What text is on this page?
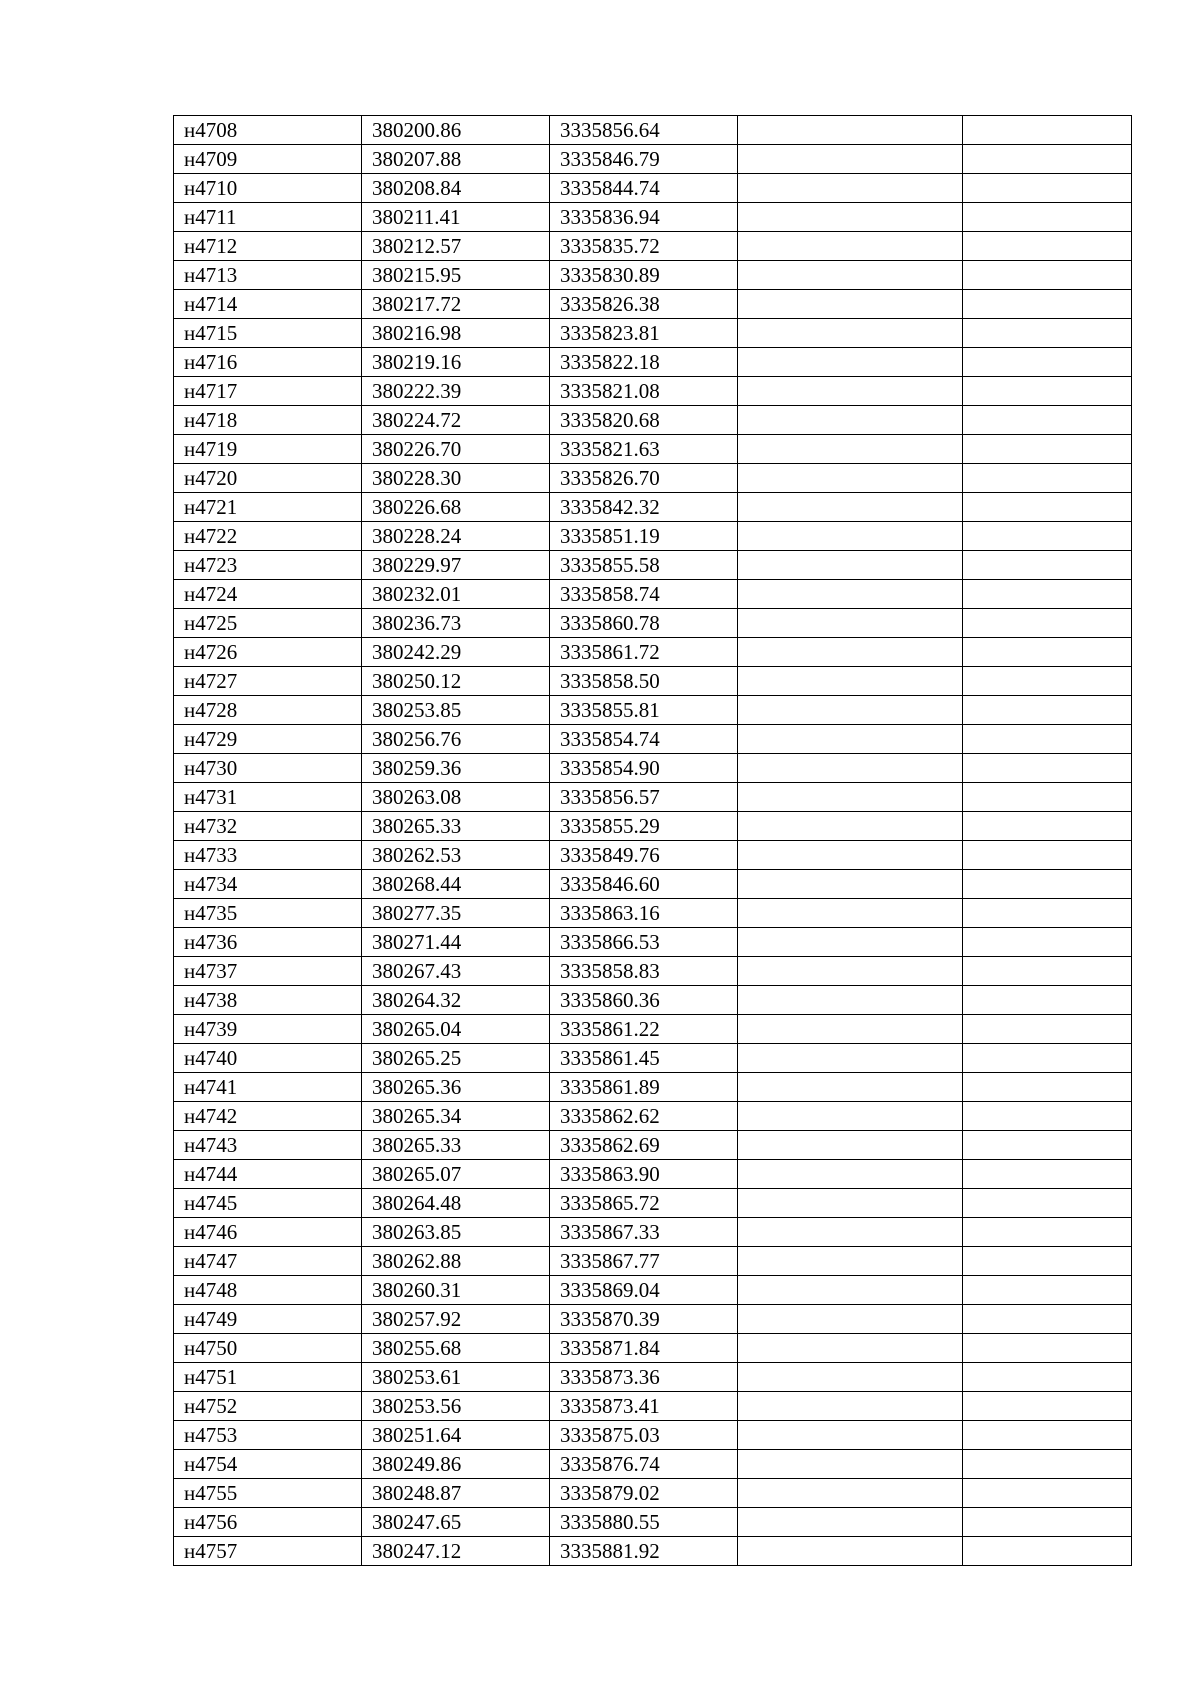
н4708	380200.86	3335856.64		
н4709	380207.88	3335846.79		
н4710	380208.84	3335844.74		
н4711	380211.41	3335836.94		
н4712	380212.57	3335835.72		
н4713	380215.95	3335830.89		
н4714	380217.72	3335826.38		
н4715	380216.98	3335823.81		
н4716	380219.16	3335822.18		
н4717	380222.39	3335821.08		
н4718	380224.72	3335820.68		
н4719	380226.70	3335821.63		
н4720	380228.30	3335826.70		
н4721	380226.68	3335842.32		
н4722	380228.24	3335851.19		
н4723	380229.97	3335855.58		
н4724	380232.01	3335858.74		
н4725	380236.73	3335860.78		
н4726	380242.29	3335861.72		
н4727	380250.12	3335858.50		
н4728	380253.85	3335855.81		
н4729	380256.76	3335854.74		
н4730	380259.36	3335854.90		
н4731	380263.08	3335856.57		
н4732	380265.33	3335855.29		
н4733	380262.53	3335849.76		
н4734	380268.44	3335846.60		
н4735	380277.35	3335863.16		
н4736	380271.44	3335866.53		
н4737	380267.43	3335858.83		
н4738	380264.32	3335860.36		
н4739	380265.04	3335861.22		
н4740	380265.25	3335861.45		
н4741	380265.36	3335861.89		
н4742	380265.34	3335862.62		
н4743	380265.33	3335862.69		
н4744	380265.07	3335863.90		
н4745	380264.48	3335865.72		
н4746	380263.85	3335867.33		
н4747	380262.88	3335867.77		
н4748	380260.31	3335869.04		
н4749	380257.92	3335870.39		
н4750	380255.68	3335871.84		
н4751	380253.61	3335873.36		
н4752	380253.56	3335873.41		
н4753	380251.64	3335875.03		
н4754	380249.86	3335876.74		
н4755	380248.87	3335879.02		
н4756	380247.65	3335880.55		
н4757	380247.12	3335881.92		
